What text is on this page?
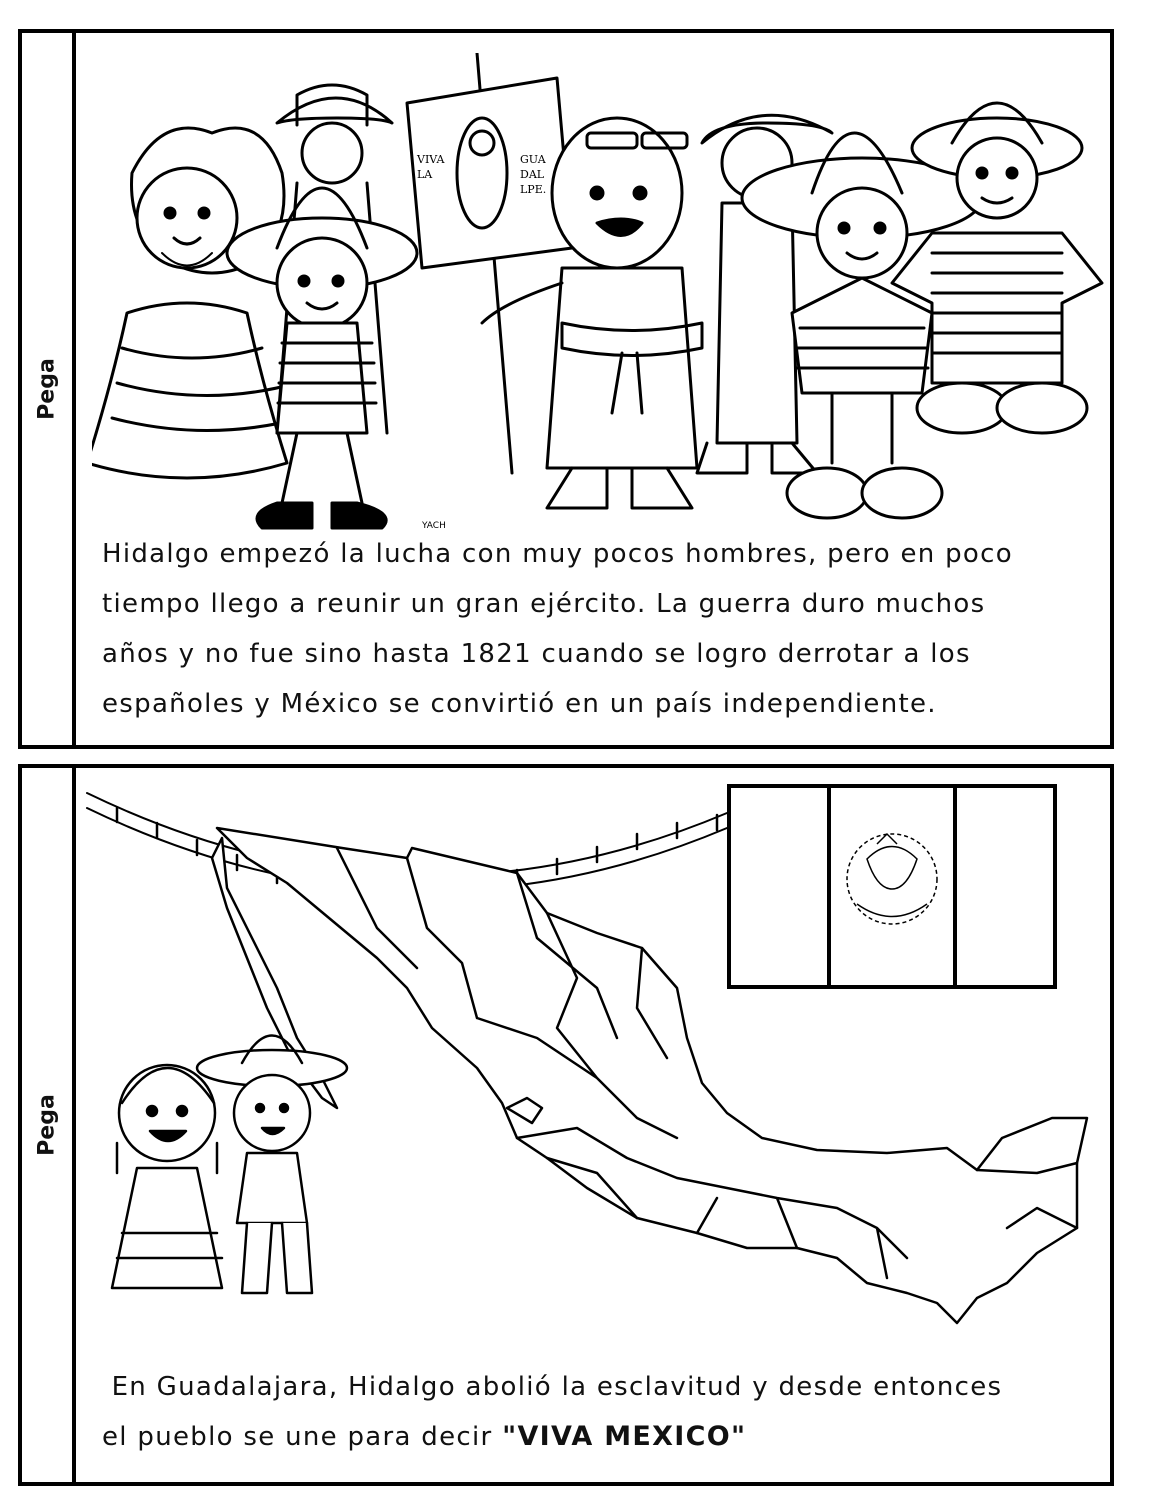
Pega
VIVA
LA
GUA
DAL
LPE.
YACH
Hidalgo empezó la lucha con muy pocos hombres, pero en poco
tiempo llego a reunir un gran ejército. La guerra duro muchos
años y no fue sino hasta 1821 cuando se logro derrotar a los
españoles y México se convirtió en un país independiente.
Pega
En Guadalajara, Hidalgo abolió la esclavitud y desde entonces
el pueblo se une para decir "VIVA MEXICO"
